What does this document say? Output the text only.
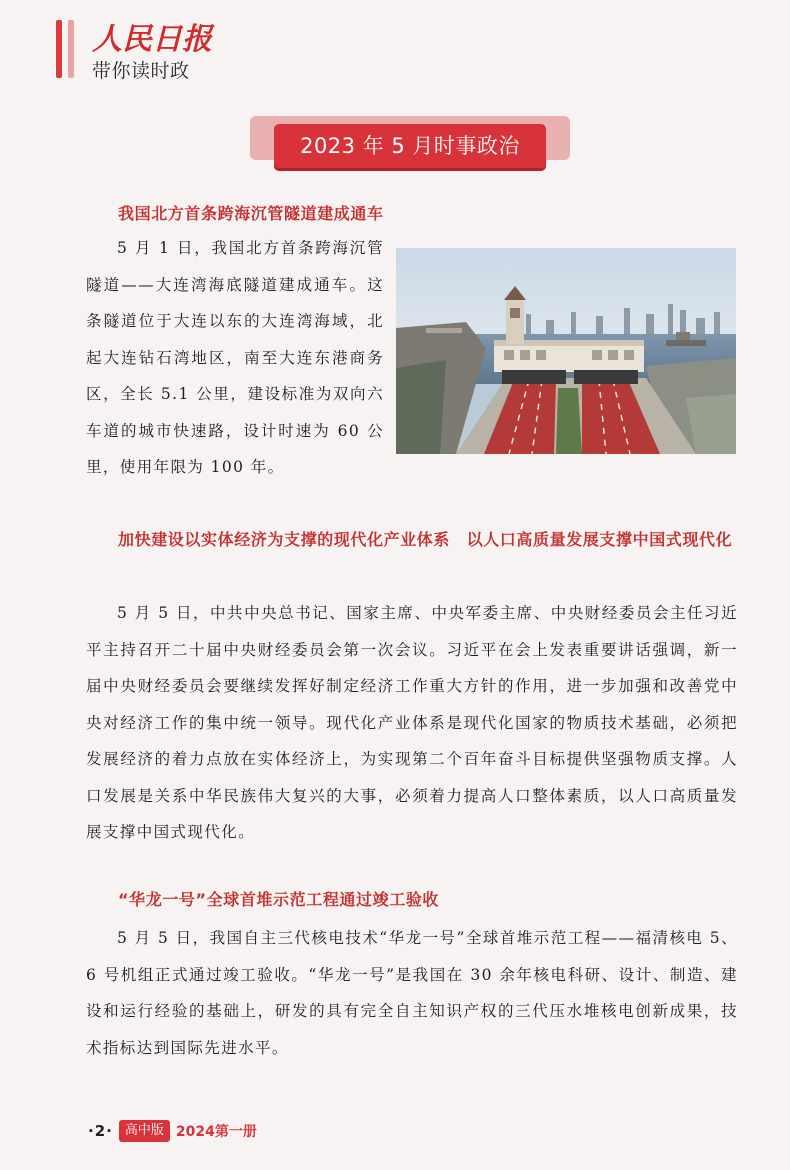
人民日报
带你读时政
2023 年 5 月时事政治
我国北方首条跨海沉管隧道建成通车

5 月 1 日，我国北方首条跨海沉管隧道——大连湾海底隧道建成通车。这条隧道位于大连以东的大连湾海域，北起大连钻石湾地区，南至大连东港商务区，全长 5.1 公里，建设标准为双向六车道的城市快速路，设计时速为 60 公里，使用年限为 100 年。

加快建设以实体经济为支撑的现代化产业体系　以人口高质量发展支撑中国式现代化

5 月 5 日，中共中央总书记、国家主席、中央军委主席、中央财经委员会主任习近平主持召开二十届中央财经委员会第一次会议。习近平在会上发表重要讲话强调，新一届中央财经委员会要继续发挥好制定经济工作重大方针的作用，进一步加强和改善党中央对经济工作的集中统一领导。现代化产业体系是现代化国家的物质技术基础，必须把发展经济的着力点放在实体经济上，为实现第二个百年奋斗目标提供坚强物质支撑。人口发展是关系中华民族伟大复兴的大事，必须着力提高人口整体素质，以人口高质量发展支撑中国式现代化。

“华龙一号”全球首堆示范工程通过竣工验收

5 月 5 日，我国自主三代核电技术“华龙一号”全球首堆示范工程——福清核电 5、6 号机组正式通过竣工验收。“华龙一号”是我国在 30 余年核电科研、设计、制造、建设和运行经验的基础上，研发的具有完全自主知识产权的三代压水堆核电创新成果，技术指标达到国际先进水平。

·2· 高中版 2024第一册
